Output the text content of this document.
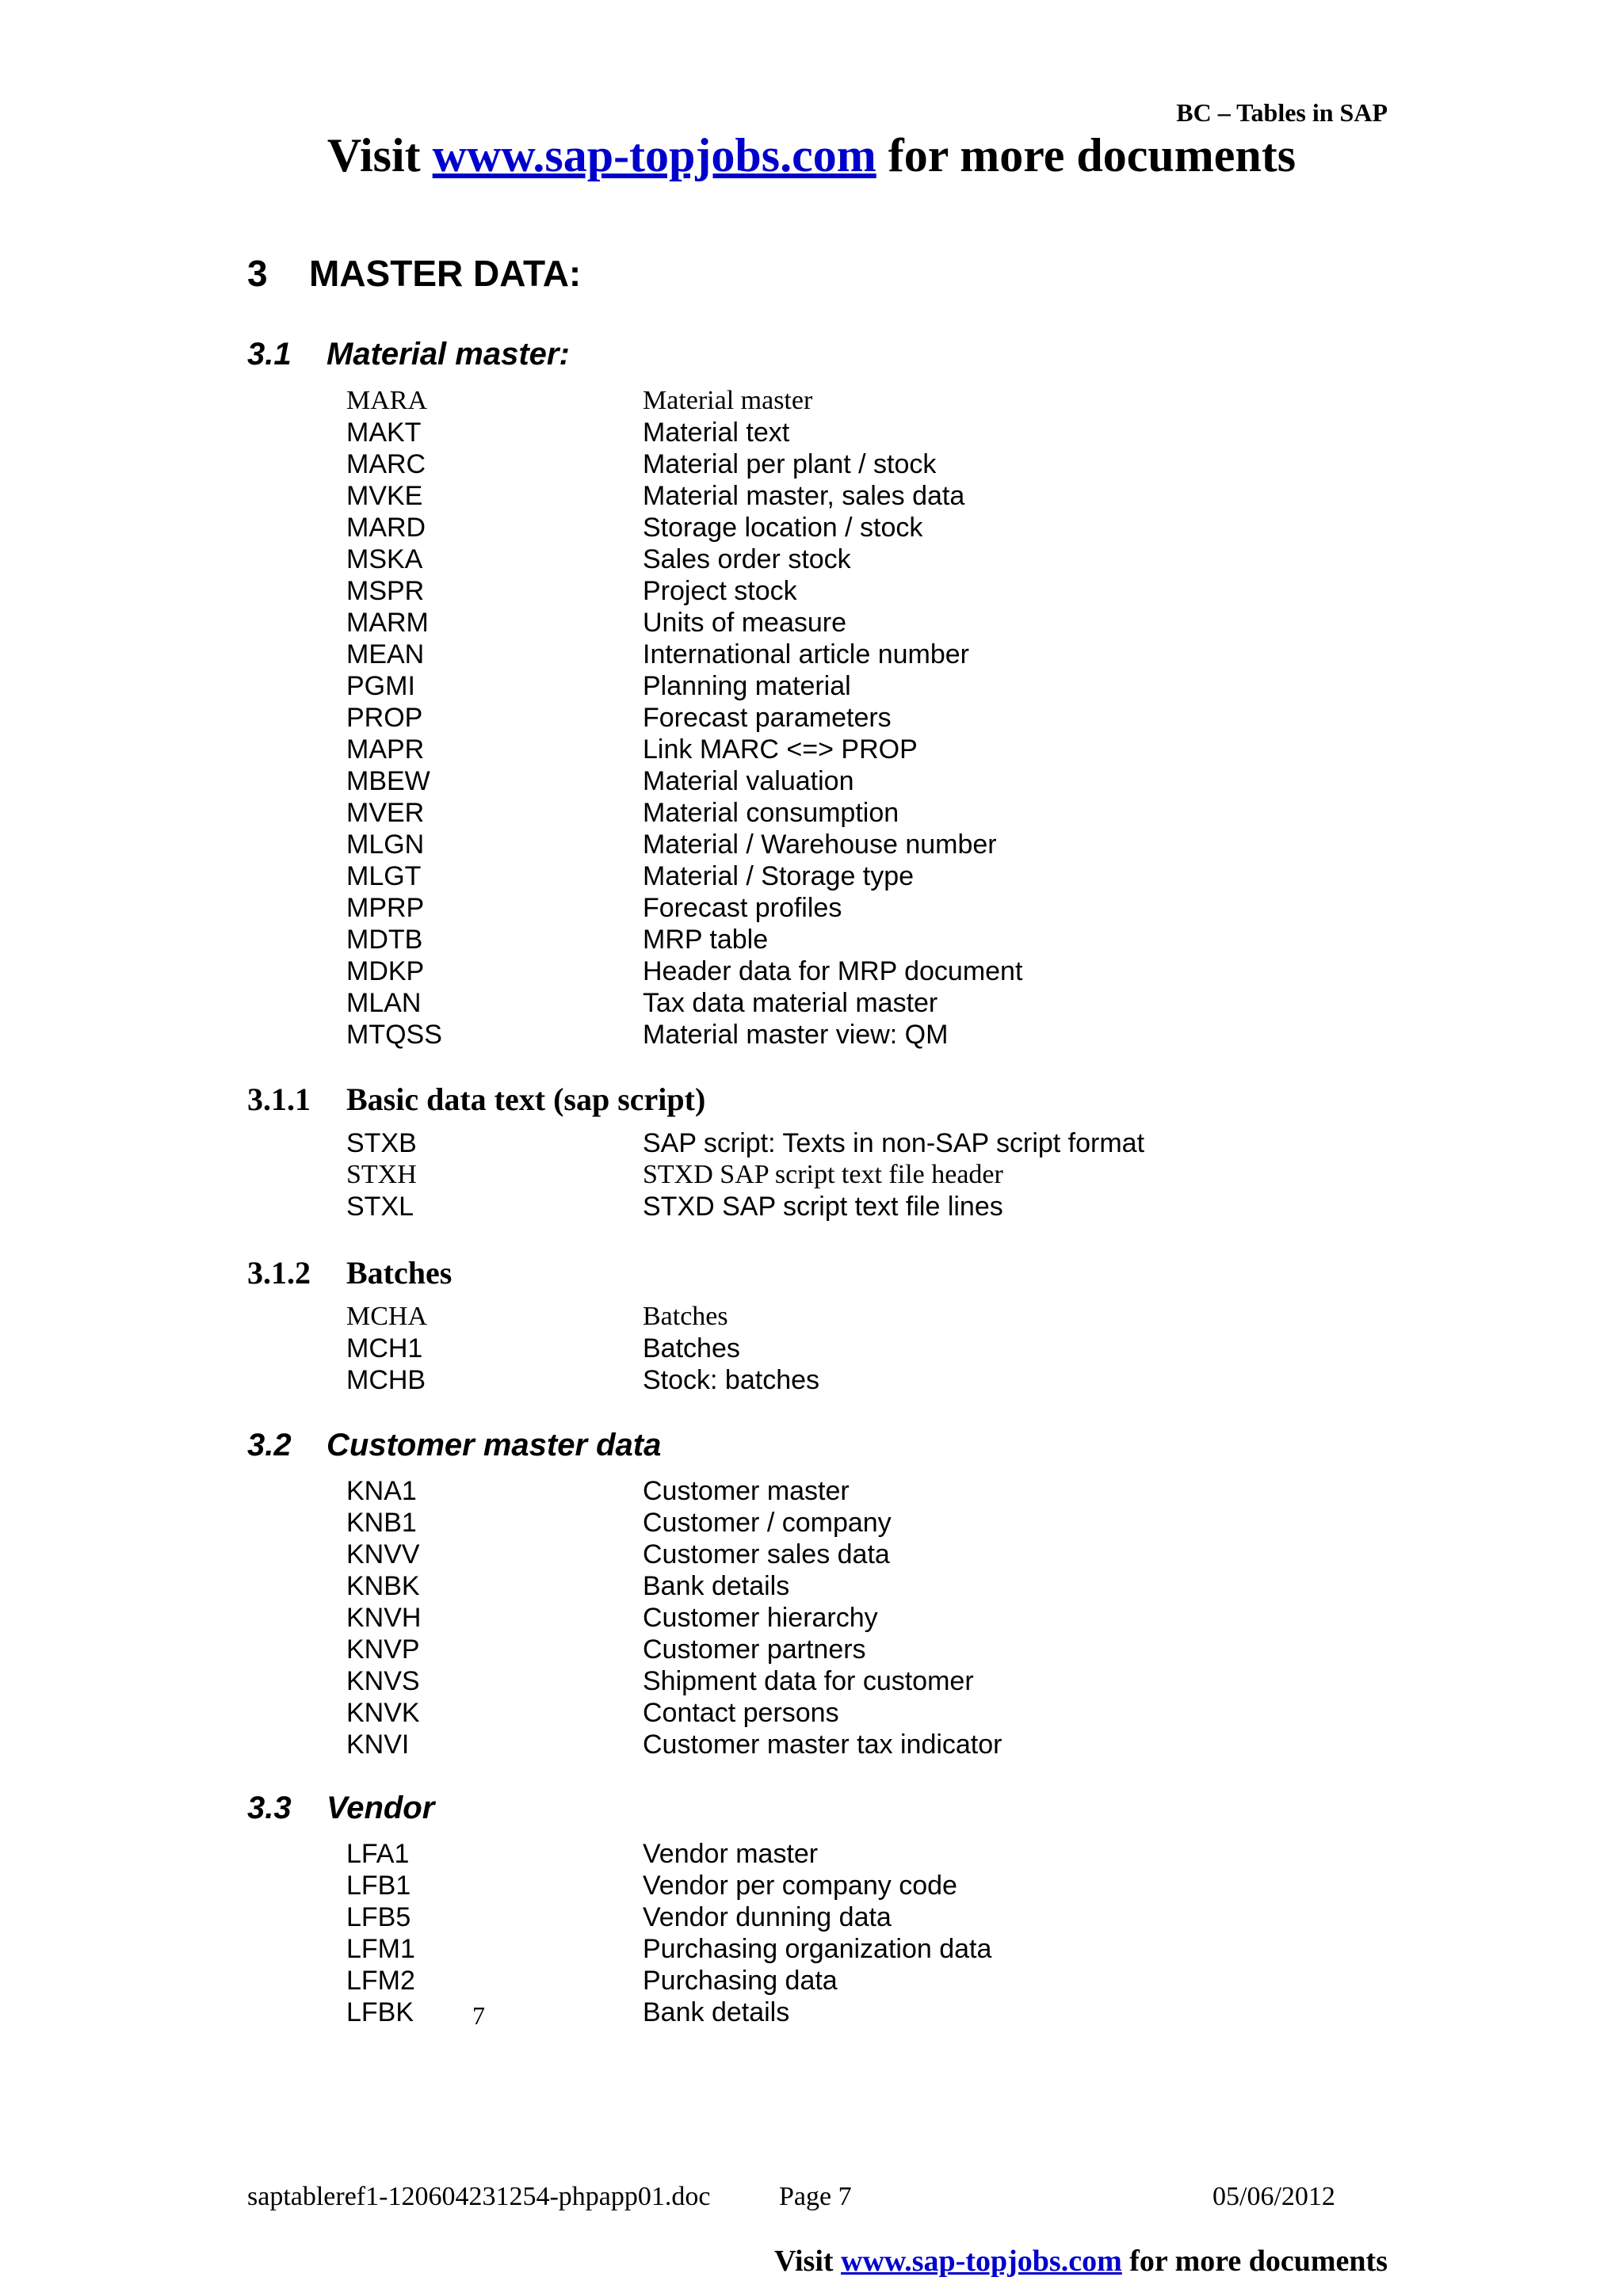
BC – Tables in SAP
Visit www.sap-topjobs.com for more documents
3 MASTER DATA:
3.1 Material master:
MARA	Material master
MAKT	Material text
MARC	Material per plant / stock
MVKE	Material master, sales data
MARD	Storage location / stock
MSKA	Sales order stock
MSPR	Project stock
MARM	Units of measure
MEAN	International article number
PGMI	Planning material
PROP	Forecast parameters
MAPR	Link MARC <=> PROP
MBEW	Material valuation
MVER	Material consumption
MLGN	Material / Warehouse number
MLGT	Material / Storage type
MPRP	Forecast profiles
MDTB	MRP table
MDKP	Header data for MRP document
MLAN	Tax data material master
MTQSS	Material master view: QM
3.1.1 Basic data text (sap script)
STXB	SAP script: Texts in non-SAP script format
STXH	STXD SAP script text file header
STXL	STXD SAP script text file lines
3.1.2 Batches
MCHA	Batches
MCH1	Batches
MCHB	Stock: batches
3.2 Customer master data
KNA1	Customer master
KNB1	Customer / company
KNVV	Customer sales data
KNBK	Bank details
KNVH	Customer hierarchy
KNVP	Customer partners
KNVS	Shipment data for customer
KNVK	Contact persons
KNVI	Customer master tax indicator
3.3 Vendor
LFA1	Vendor master
LFB1	Vendor per company code
LFB5	Vendor dunning data
LFM1	Purchasing organization data
LFM2	Purchasing data
LFBK	Bank details
7
saptableref1-120604231254-phpapp01.doc	Page 7	05/06/2012
Visit www.sap-topjobs.com for more documents
